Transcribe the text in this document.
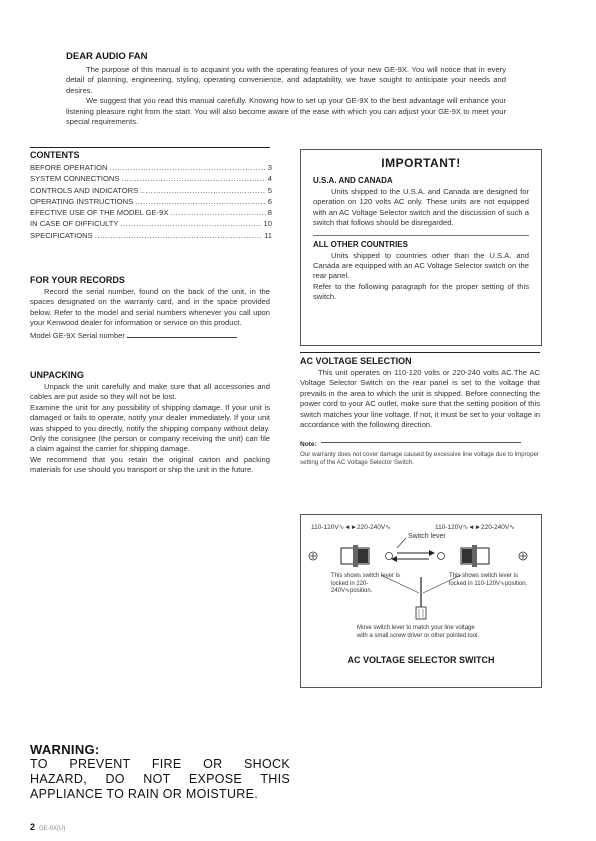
DEAR AUDIO FAN

The purpose of this manual is to acquaint you with the operating features of your new GE-9X. You will notice that in every detail of planning, engineering, styling, operating convenience, and adaptability, we have sought to anticipate your needs and desires.

We suggest that you read this manual carefully. Knowing how to set up your GE-9X to the best advantage will enhance your listening pleasure right from the start. You will also become aware of the ease with which you can adjust your GE-9X to meet your special requirements.

CONTENTS
BEFORE OPERATION .....	3
SYSTEM CONNECTIONS .....	4
CONTROLS AND INDICATORS .....	5
OPERATING INSTRUCTIONS .....	6
EFECTIVE USE OF THE MODEL GE-9X .....	8
IN CASE OF DIFFICULTY .....	10
SPECIFICATIONS .....	11
FOR YOUR RECORDS

Record the serial number, found on the back of the unit, in the spaces designated on the warranty card, and in the space provided below. Refer to the model and serial numbers whenever you call upon your Kenwood dealer for information or service on this product.

Model GE-9X Serial number
UNPACKING

Unpack the unit carefully and make sure that all accessories and cables are put aside so they will not be lost.

Examine the unit for any possibility of shipping damage. If your unit is damaged or fails to operate, notify your dealer immediately. If your unit was shipped to you directly, notify the shipping company without delay. Only the consignee (the person or company receiving the unit) can file a claim against the carrier for shipping damage.

We recommend that you retain the original carton and packing materials for use should you transport or ship the unit in the future.

IMPORTANT!
U.S.A. AND CANADA

Units shipped to the U.S.A. and Canada are designed for operation on 120 volts AC only. These units are not equipped with an AC Voltage Selector switch and the discussion of such a switch that follows should be disregarded.

ALL OTHER COUNTRIES

Units shipped to countries other than the U.S.A. and Canada are equipped with an AC Voltage Selector switch on the rear panel.

Refer to the following paragraph for the proper setting of this switch.

AC VOLTAGE SELECTION

This unit operates on 110-120 volts or 220-240 volts AC.The AC Voltage Selector Switch on the rear panel is set to the voltage that prevails in the area to which the unit is shipped. Before connecting the power cord to your AC outlet, make sure that the setting position of this switch matches your line voltage. If not, it must be set to your voltage in accordance with the following direction.

Note:
Our warranty does not cover damage caused by excessive line voltage due to improper setting of the AC Voltage Selector Switch.
110-120V∿◄►220-240V∿	110-120V∿◄►220-240V∿
Switch lever
This shows switch lever is locked in 220-240V∿position.
This shows switch lever is locked in 110-120V∿position.
Move switch lever to match your line voltage with a small screw driver or other pointed tool.
AC VOLTAGE SELECTOR SWITCH
WARNING:
TO PREVENT FIRE OR SHOCK
HAZARD, DO NOT EXPOSE THIS
APPLIANCE TO RAIN OR MOISTURE.
2 GE-9X(U)
